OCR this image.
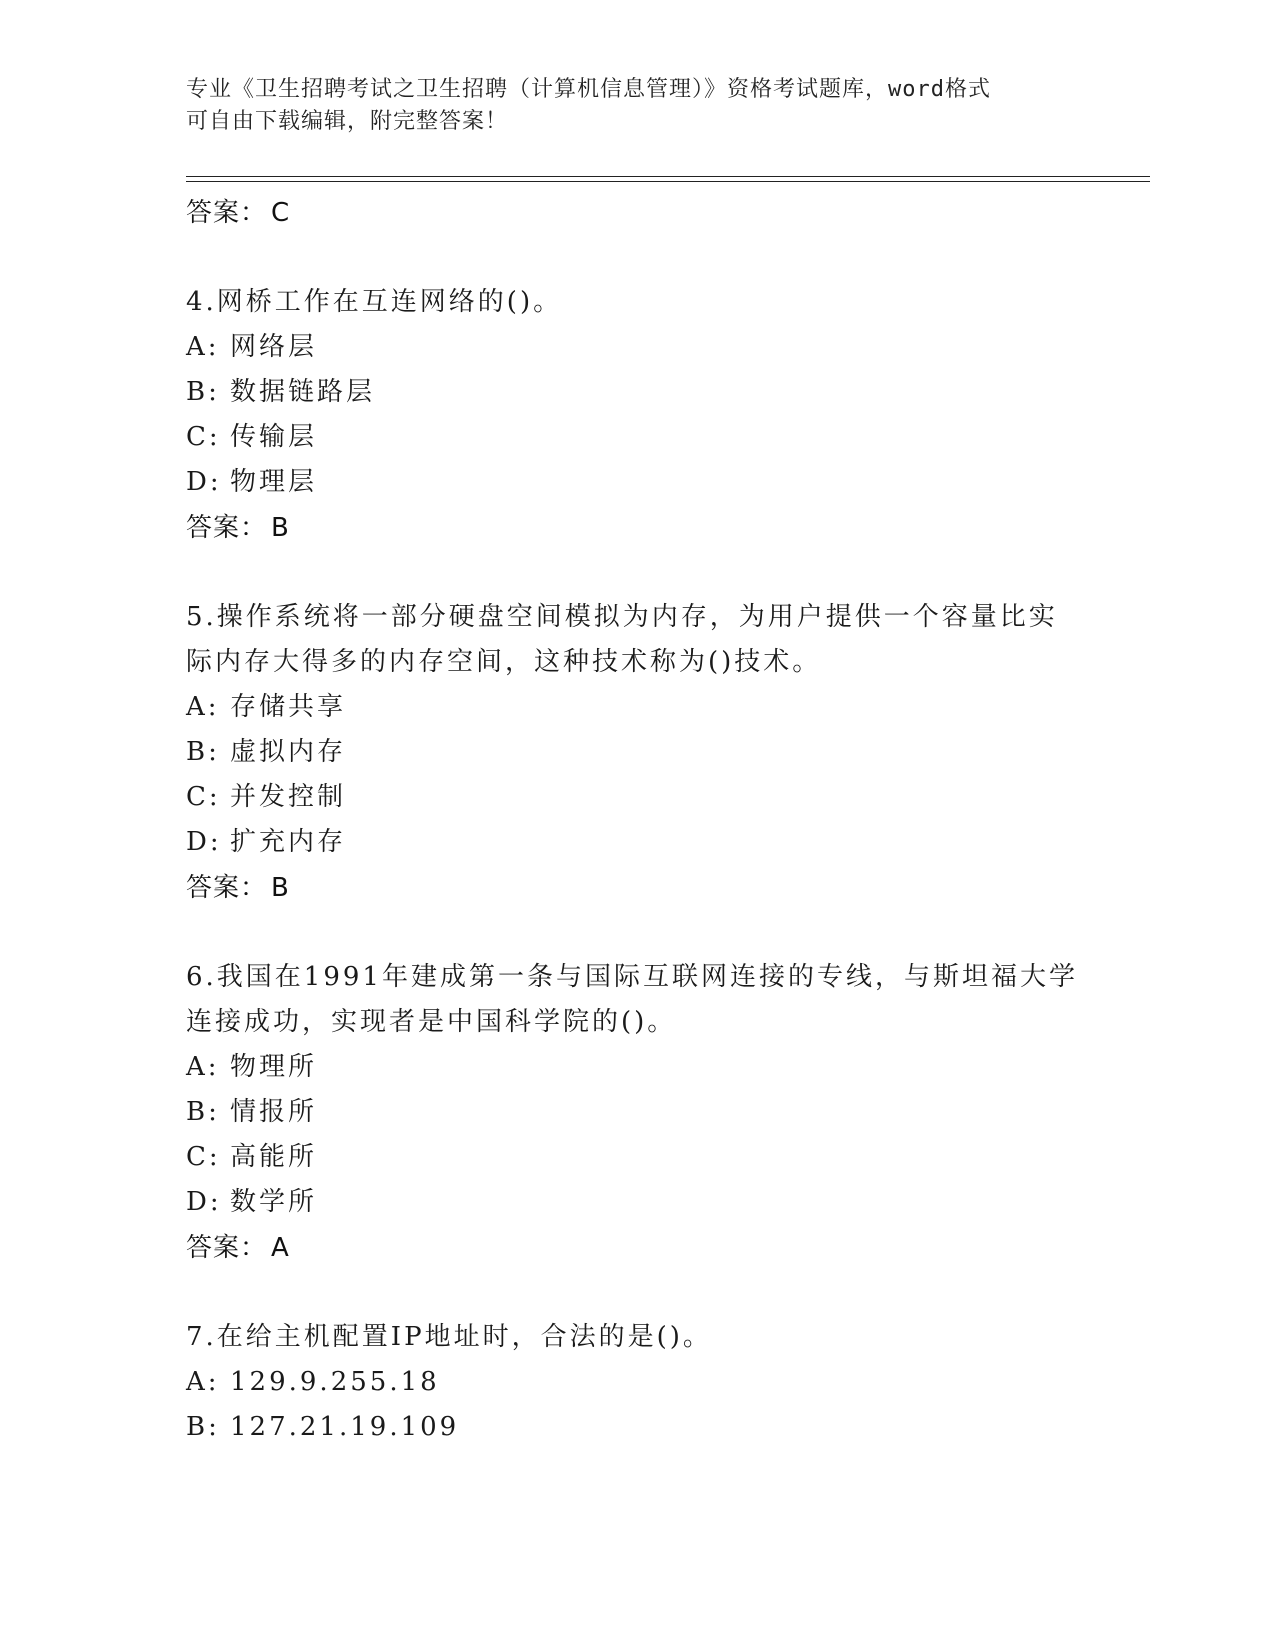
专业《卫生招聘考试之卫生招聘（计算机信息管理）》资格考试题库，word格式
可自由下载编辑，附完整答案！
答案： C
4.网桥工作在互连网络的()。
A: 网络层
B: 数据链路层
C: 传输层
D: 物理层
答案： B
5.操作系统将一部分硬盘空间模拟为内存，为用户提供一个容量比实
际内存大得多的内存空间，这种技术称为()技术。
A: 存储共享
B: 虚拟内存
C: 并发控制
D: 扩充内存
答案： B
6.我国在1991年建成第一条与国际互联网连接的专线，与斯坦福大学
连接成功，实现者是中国科学院的()。
A: 物理所
B: 情报所
C: 高能所
D: 数学所
答案： A
7.在给主机配置IP地址时，合法的是()。
A: 129.9.255.18
B: 127.21.19.109
